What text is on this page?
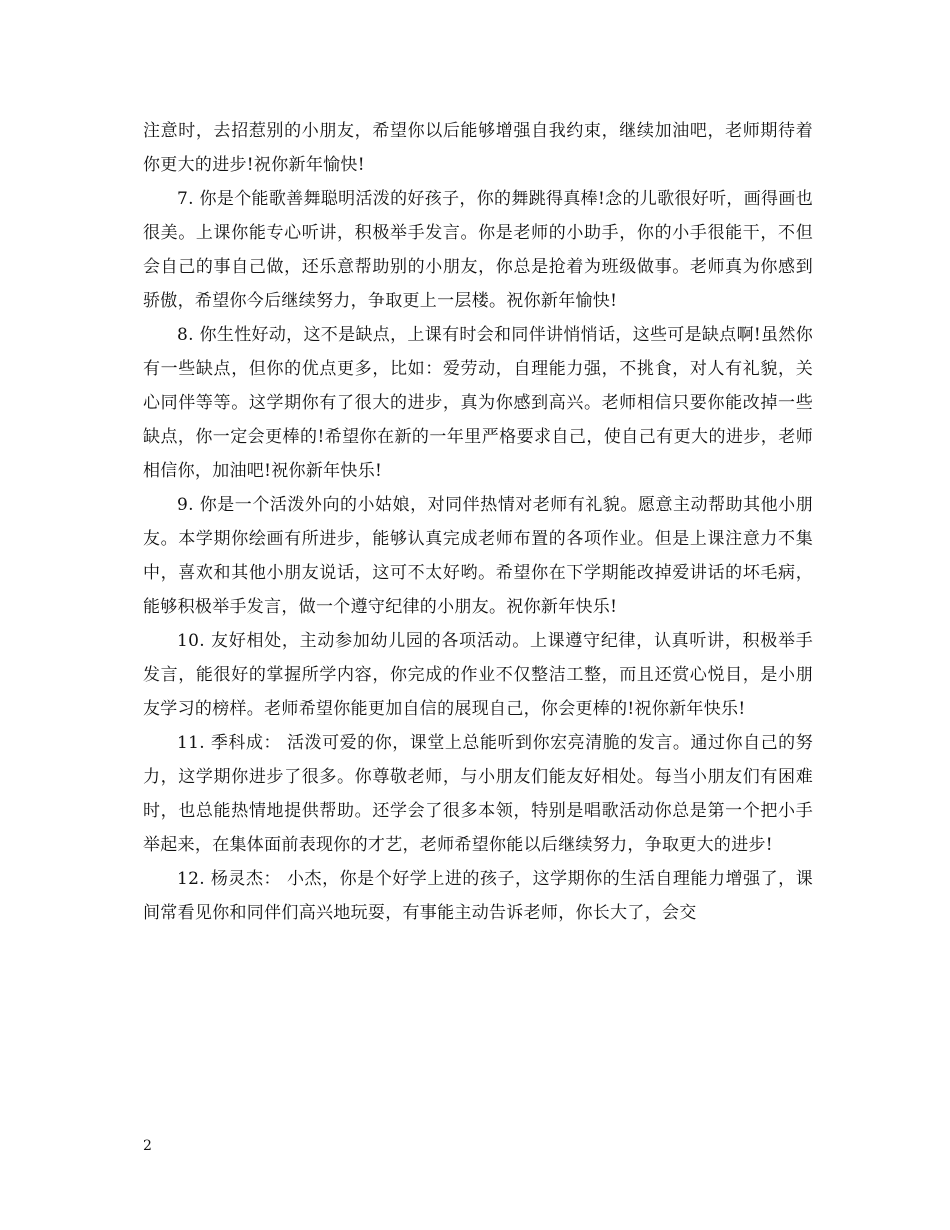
注意时，去招惹别的小朋友，希望你以后能够增强自我约束，继续加油吧，老师期待着你更大的进步!祝你新年愉快!

7. 你是个能歌善舞聪明活泼的好孩子，你的舞跳得真棒!念的儿歌很好听，画得画也很美。上课你能专心听讲，积极举手发言。你是老师的小助手，你的小手很能干，不但会自己的事自己做，还乐意帮助别的小朋友，你总是抢着为班级做事。老师真为你感到骄傲，希望你今后继续努力，争取更上一层楼。祝你新年愉快!

8. 你生性好动，这不是缺点，上课有时会和同伴讲悄悄话，这些可是缺点啊!虽然你有一些缺点，但你的优点更多，比如：爱劳动，自理能力强，不挑食，对人有礼貌，关心同伴等等。这学期你有了很大的进步，真为你感到高兴。老师相信只要你能改掉一些缺点，你一定会更棒的!希望你在新的一年里严格要求自己，使自己有更大的进步，老师相信你，加油吧!祝你新年快乐!

9. 你是一个活泼外向的小姑娘，对同伴热情对老师有礼貌。愿意主动帮助其他小朋友。本学期你绘画有所进步，能够认真完成老师布置的各项作业。但是上课注意力不集中，喜欢和其他小朋友说话，这可不太好哟。希望你在下学期能改掉爱讲话的坏毛病，能够积极举手发言，做一个遵守纪律的小朋友。祝你新年快乐!

10. 友好相处，主动参加幼儿园的各项活动。上课遵守纪律，认真听讲，积极举手发言，能很好的掌握所学内容，你完成的作业不仅整洁工整，而且还赏心悦目，是小朋友学习的榜样。老师希望你能更加自信的展现自己，你会更棒的!祝你新年快乐!

11. 季科成： 活泼可爱的你，课堂上总能听到你宏亮清脆的发言。通过你自己的努力，这学期你进步了很多。你尊敬老师，与小朋友们能友好相处。每当小朋友们有困难时，也总能热情地提供帮助。还学会了很多本领，特别是唱歌活动你总是第一个把小手举起来，在集体面前表现你的才艺，老师希望你能以后继续努力，争取更大的进步!

12. 杨灵杰： 小杰，你是个好学上进的孩子，这学期你的生活自理能力增强了，课间常看见你和同伴们高兴地玩耍，有事能主动告诉老师，你长大了，会交

2
